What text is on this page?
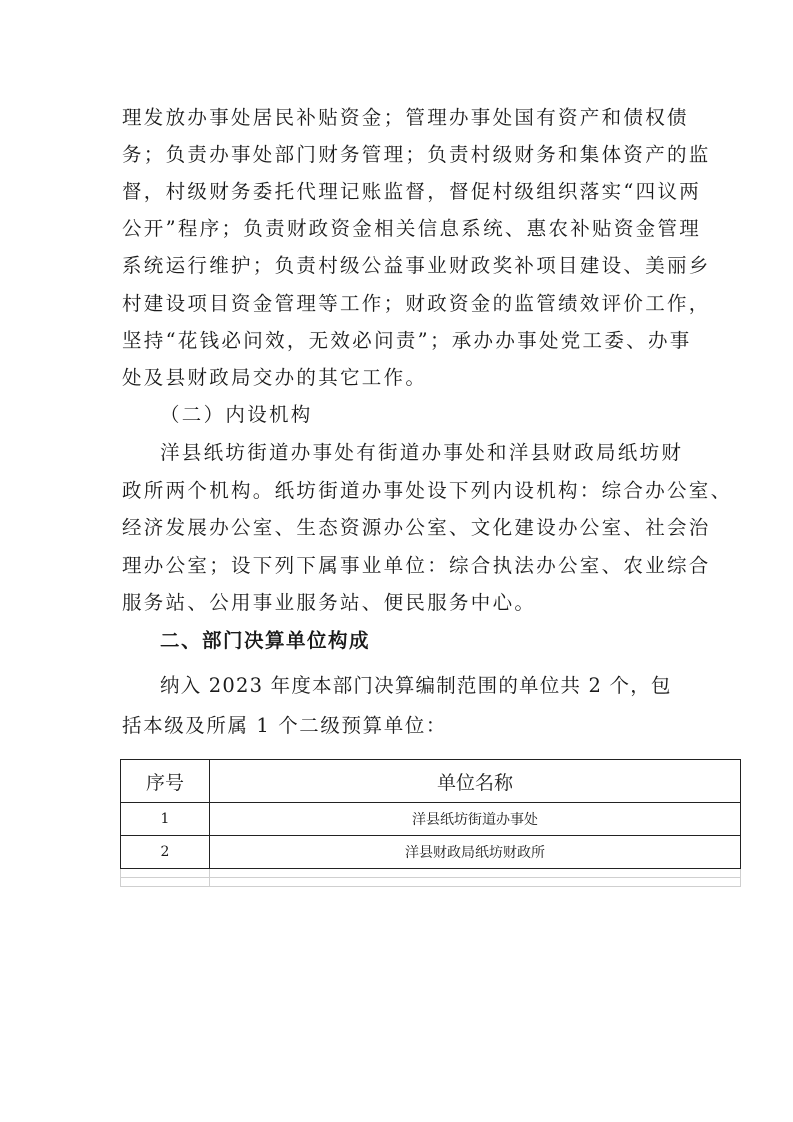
理发放办事处居民补贴资金；管理办事处国有资产和债权债
务；负责办事处部门财务管理；负责村级财务和集体资产的监
督，村级财务委托代理记账监督，督促村级组织落实“四议两
公开”程序；负责财政资金相关信息系统、惠农补贴资金管理
系统运行维护；负责村级公益事业财政奖补项目建设、美丽乡
村建设项目资金管理等工作；财政资金的监管绩效评价工作，
坚持“花钱必问效，无效必问责”；承办办事处党工委、办事
处及县财政局交办的其它工作。
（二）内设机构
洋县纸坊街道办事处有街道办事处和洋县财政局纸坊财
政所两个机构。纸坊街道办事处设下列内设机构：综合办公室、
经济发展办公室、生态资源办公室、文化建设办公室、社会治
理办公室；设下列下属事业单位：综合执法办公室、农业综合
服务站、公用事业服务站、便民服务中心。
二、部门决算单位构成
纳入 2023 年度本部门决算编制范围的单位共 2 个，包
括本级及所属 1 个二级预算单位：
序号	单位名称
1	洋县纸坊街道办事处
2	洋县财政局纸坊财政所
